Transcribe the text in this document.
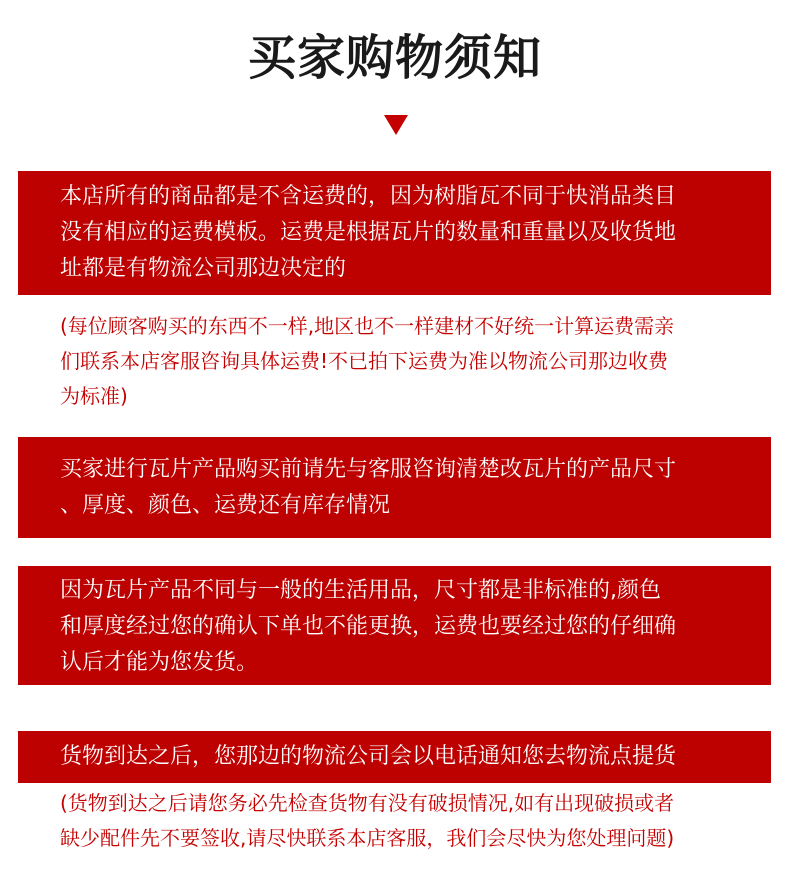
买家购物须知

本店所有的商品都是不含运费的，因为树脂瓦不同于快消品类目

没有相应的运费模板。运费是根据瓦片的数量和重量以及收货地

址都是有物流公司那边决定的

(每位顾客购买的东西不一样,地区也不一样建材不好统一计算运费需亲

们联系本店客服咨询具体运费!不已拍下运费为准以物流公司那边收费

为标准)

买家进行瓦片产品购买前请先与客服咨询清楚改瓦片的产品尺寸

、厚度、颜色、运费还有库存情况

因为瓦片产品不同与一般的生活用品，尺寸都是非标准的,颜色

和厚度经过您的确认下单也不能更换，运费也要经过您的仔细确

认后才能为您发货。

货物到达之后，您那边的物流公司会以电话通知您去物流点提货

(货物到达之后请您务必先检查货物有没有破损情况,如有出现破损或者

缺少配件先不要签收,请尽快联系本店客服，我们会尽快为您处理问题)
